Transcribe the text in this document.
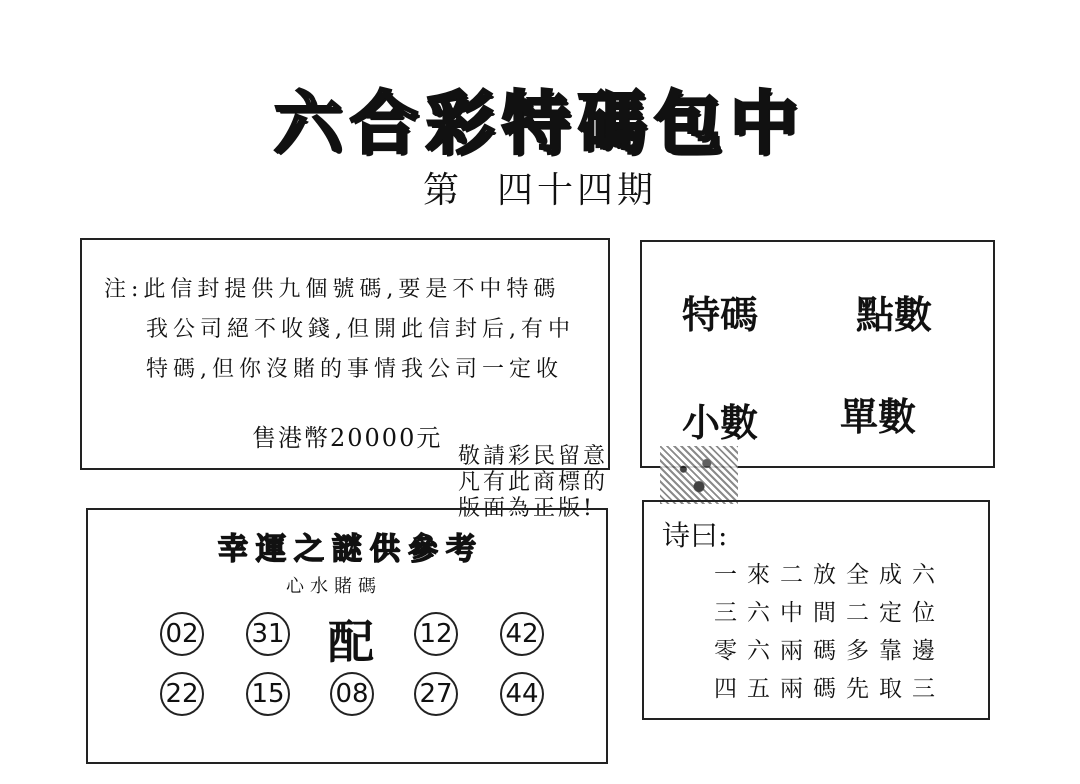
六合彩特碼包中
第 四十四期
注:此信封提供九個號碼,要是不中特碼
我公司絕不收錢,但開此信封后,有中
特碼,但你沒賭的事情我公司一定收
售港幣20000元
特碼	點數
小數 單數
敬請彩民留意
凡有此商標的
版面為正版!
幸運之謎供參考
心水賭碼
02 31 配 12 42
22 15 08 27 44
诗曰:
一來二放全成六
三六中間二定位
零六兩碼多靠邊
四五兩碼先取三
